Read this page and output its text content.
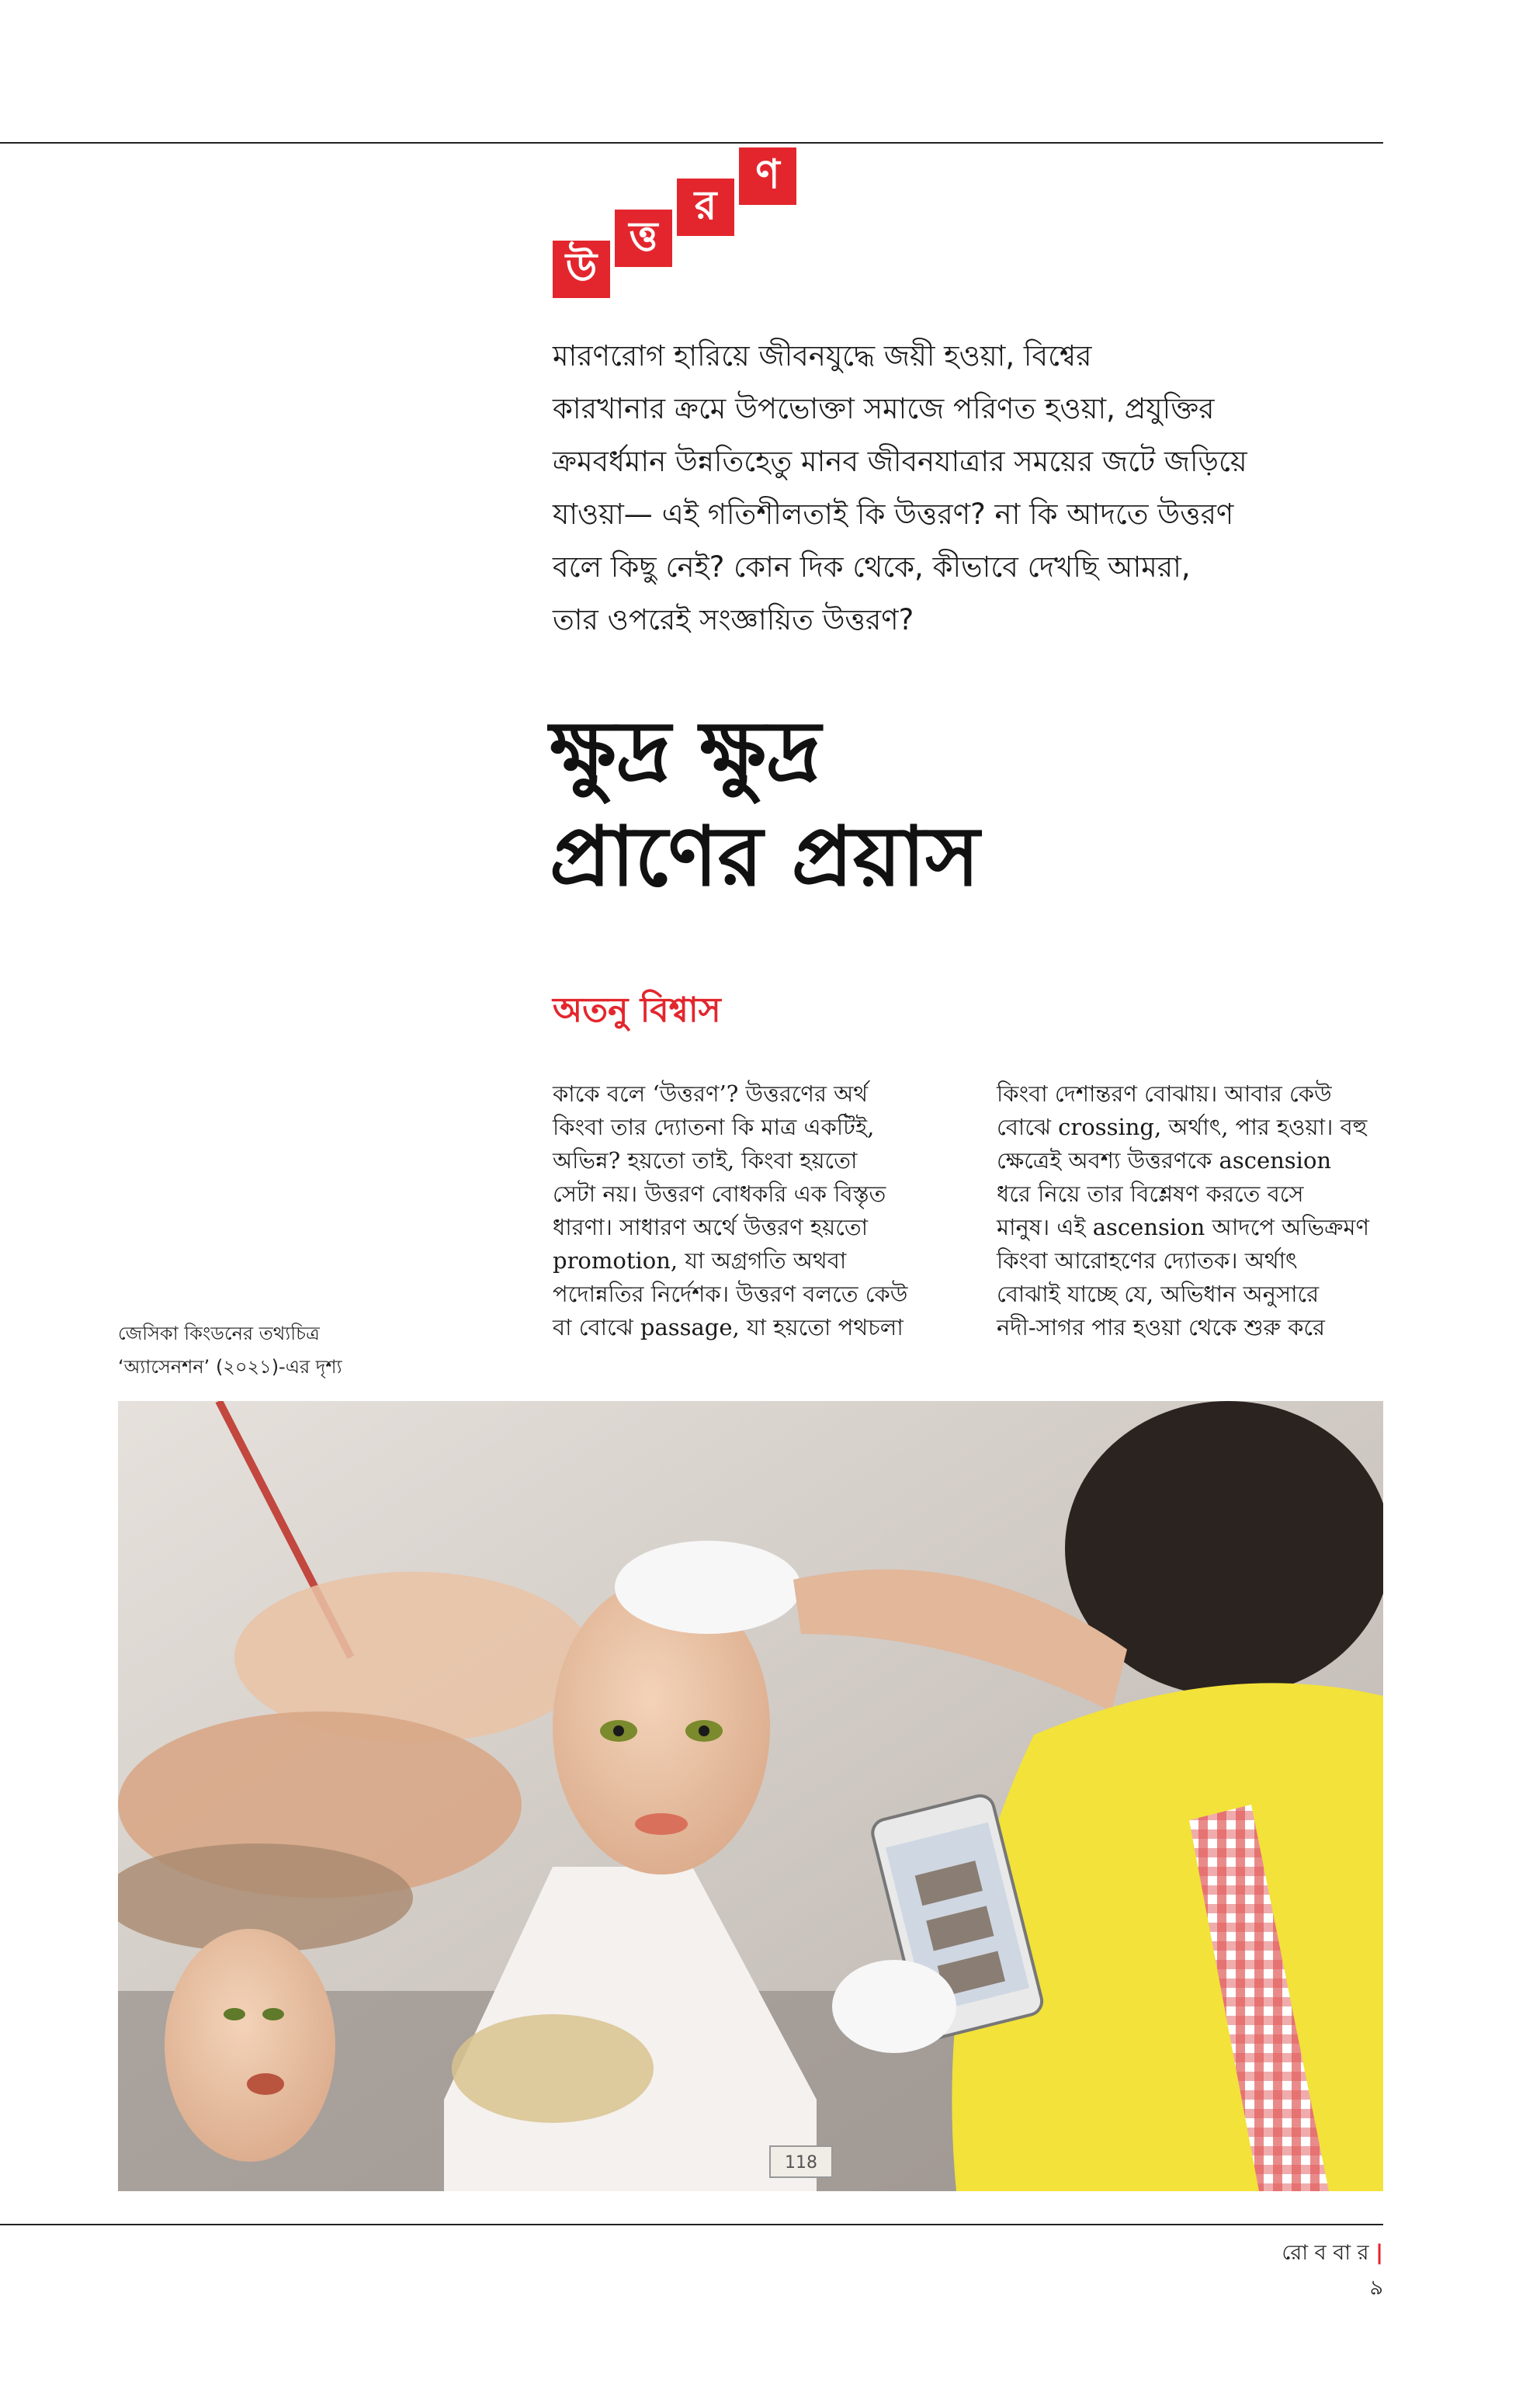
উ
ত্ত
র
ণ
মারণরোগ হারিয়ে জীবনযুদ্ধে জয়ী হওয়া, বিশ্বের
কারখানার ক্রমে উপভোক্তা সমাজে পরিণত হওয়া, প্রযুক্তির
ক্রমবর্ধমান উন্নতিহেতু মানব জীবনযাত্রার সময়ের জটে জড়িয়ে
যাওয়া— এই গতিশীলতাই কি উত্তরণ? না কি আদতে উত্তরণ
বলে কিছু নেই? কোন দিক থেকে, কীভাবে দেখছি আমরা,
তার ওপরেই সংজ্ঞায়িত উত্তরণ?
ক্ষুদ্র ক্ষুদ্র
প্রাণের প্রয়াস
অতনু বিশ্বাস
কাকে বলে ‘উত্তরণ’? উত্তরণের অর্থ
কিংবা তার দ্যোতনা কি মাত্র একটিই,
অভিন্ন? হয়তো তাই, কিংবা হয়তো
সেটা নয়। উত্তরণ বোধকরি এক বিস্তৃত
ধারণা। সাধারণ অর্থে উত্তরণ হয়তো
promotion, যা অগ্রগতি অথবা
পদোন্নতির নির্দেশক। উত্তরণ বলতে কেউ
বা বোঝে passage, যা হয়তো পথচলা
কিংবা দেশান্তরণ বোঝায়। আবার কেউ
বোঝে crossing, অর্থাৎ, পার হওয়া। বহু
ক্ষেত্রেই অবশ্য উত্তরণকে ascension
ধরে নিয়ে তার বিশ্লেষণ করতে বসে
মানুষ। এই ascension আদপে অভিক্রমণ
কিংবা আরোহণের দ্যোতক। অর্থাৎ
বোঝাই যাচ্ছে যে, অভিধান অনুসারে
নদী-সাগর পার হওয়া থেকে শুরু করে
জেসিকা কিংডনের তথ্যচিত্র
‘অ্যাসেনশন’ (২০২১)-এর দৃশ্য
118
রো ব বা র | ৯
